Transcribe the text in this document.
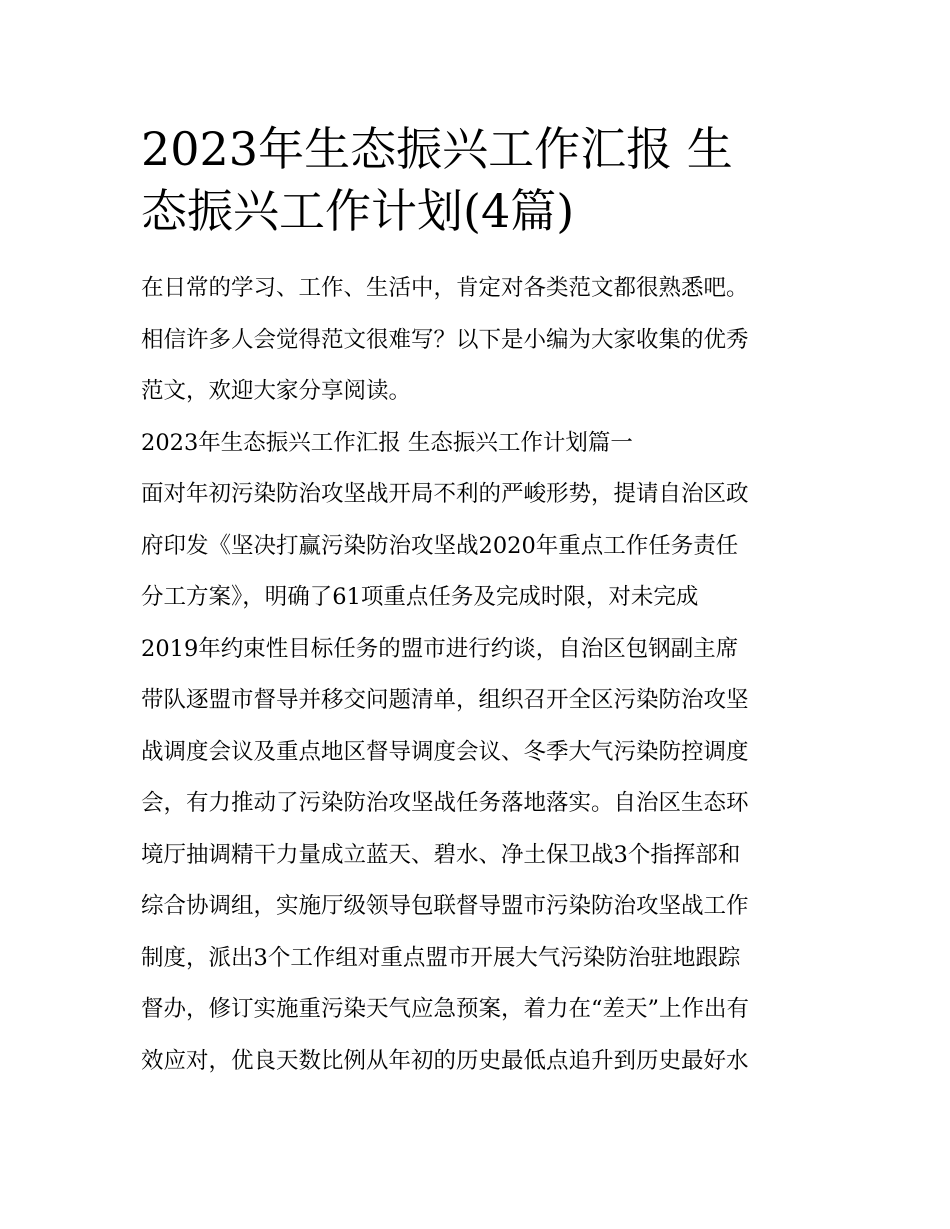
2023年生态振兴工作汇报 生
态振兴工作计划(4篇)
在日常的学习、工作、生活中，肯定对各类范文都很熟悉吧。
相信许多人会觉得范文很难写？以下是小编为大家收集的优秀
范文，欢迎大家分享阅读。
2023年生态振兴工作汇报 生态振兴工作计划篇一
面对年初污染防治攻坚战开局不利的严峻形势，提请自治区政
府印发《坚决打赢污染防治攻坚战2020年重点工作任务责任
分工方案》，明确了61项重点任务及完成时限，对未完成
2019年约束性目标任务的盟市进行约谈，自治区包钢副主席
带队逐盟市督导并移交问题清单，组织召开全区污染防治攻坚
战调度会议及重点地区督导调度会议、冬季大气污染防控调度
会，有力推动了污染防治攻坚战任务落地落实。自治区生态环
境厅抽调精干力量成立蓝天、碧水、净土保卫战3个指挥部和
综合协调组，实施厅级领导包联督导盟市污染防治攻坚战工作
制度，派出3个工作组对重点盟市开展大气污染防治驻地跟踪
督办，修订实施重污染天气应急预案，着力在“差天”上作出有
效应对，优良天数比例从年初的历史最低点追升到历史最好水
